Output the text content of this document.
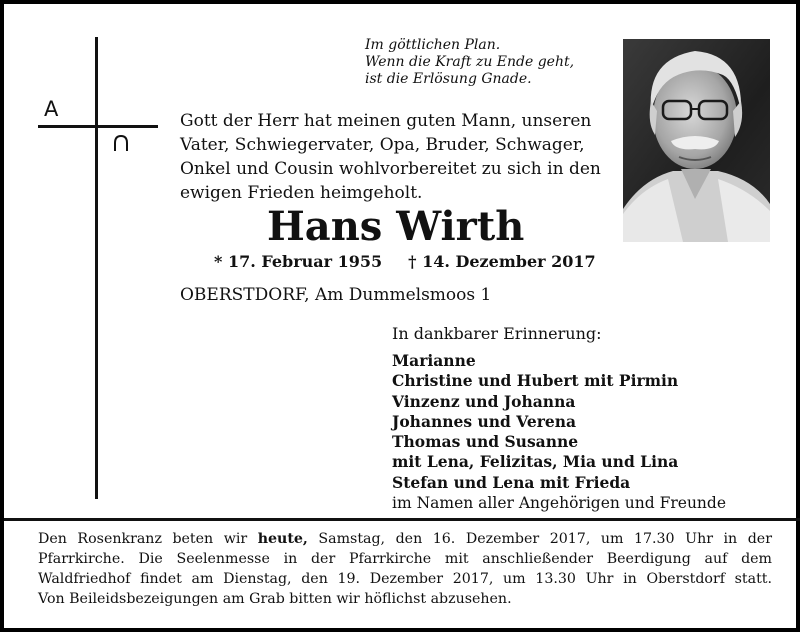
A
Im göttlichen Plan.
Wenn die Kraft zu Ende geht,
ist die Erlösung Gnade.
Gott der Herr hat meinen guten Mann, unseren
Vater, Schwiegervater, Opa, Bruder, Schwager,
Onkel und Cousin wohlvorbereitet zu sich in den
ewigen Frieden heimgeholt.
Hans Wirth
* 17. Februar 1955 † 14. Dezember 2017
OBERSTDORF, Am Dummelsmoos 1
In dankbarer Erinnerung:
Marianne
Christine und Hubert mit Pirmin
Vinzenz und Johanna
Johannes und Verena
Thomas und Susanne
mit Lena, Felizitas, Mia und Lina
Stefan und Lena mit Frieda
im Namen aller Angehörigen und Freunde
Den Rosenkranz beten wir heute, Samstag, den 16. Dezember 2017, um 17.30 Uhr in der
Pfarrkirche. Die Seelenmesse in der Pfarrkirche mit anschließender Beerdigung auf dem
Waldfriedhof findet am Dienstag, den 19. Dezember 2017, um 13.30 Uhr in Oberstdorf statt.
Von Beileidsbezeigungen am Grab bitten wir höflichst abzusehen.
